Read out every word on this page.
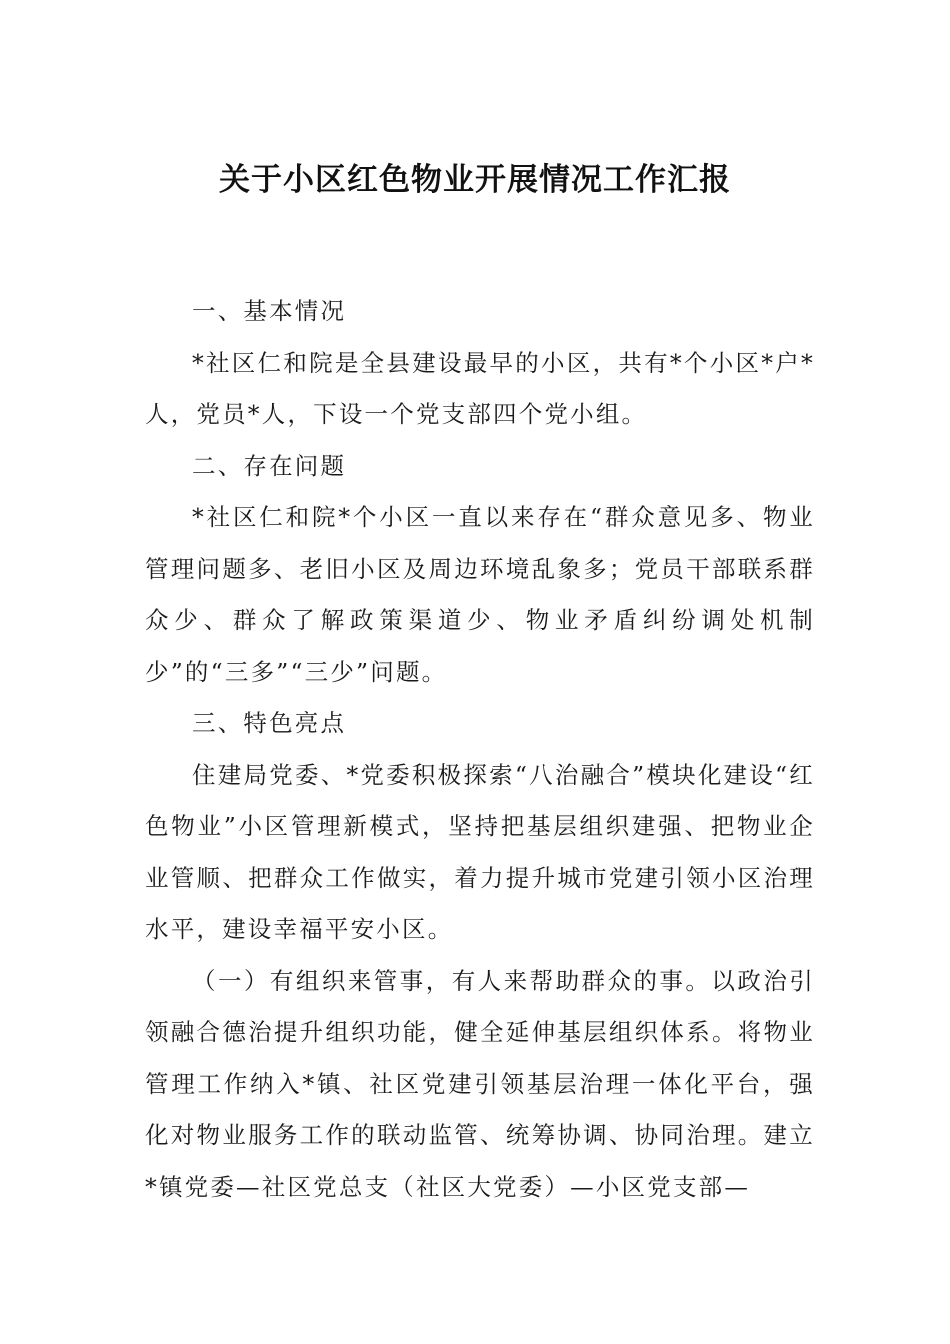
关于小区红色物业开展情况工作汇报

一、基本情况

*社区仁和院是全县建设最早的小区，共有*个小区*户*人，党员*人，下设一个党支部四个党小组。

二、存在问题

*社区仁和院*个小区一直以来存在“群众意见多、物业管理问题多、老旧小区及周边环境乱象多；党员干部联系群众少、群众了解政策渠道少、物业矛盾纠纷调处机制少”的“三多”“三少”问题。

三、特色亮点

住建局党委、*党委积极探索“八治融合”模块化建设“红色物业”小区管理新模式，坚持把基层组织建强、把物业企业管顺、把群众工作做实，着力提升城市党建引领小区治理水平，建设幸福平安小区。

（一）有组织来管事，有人来帮助群众的事。以政治引领融合德治提升组织功能，健全延伸基层组织体系。将物业管理工作纳入*镇、社区党建引领基层治理一体化平台，强化对物业服务工作的联动监管、统筹协调、协同治理。建立*镇党委—社区党总支（社区大党委）—小区党支部—
